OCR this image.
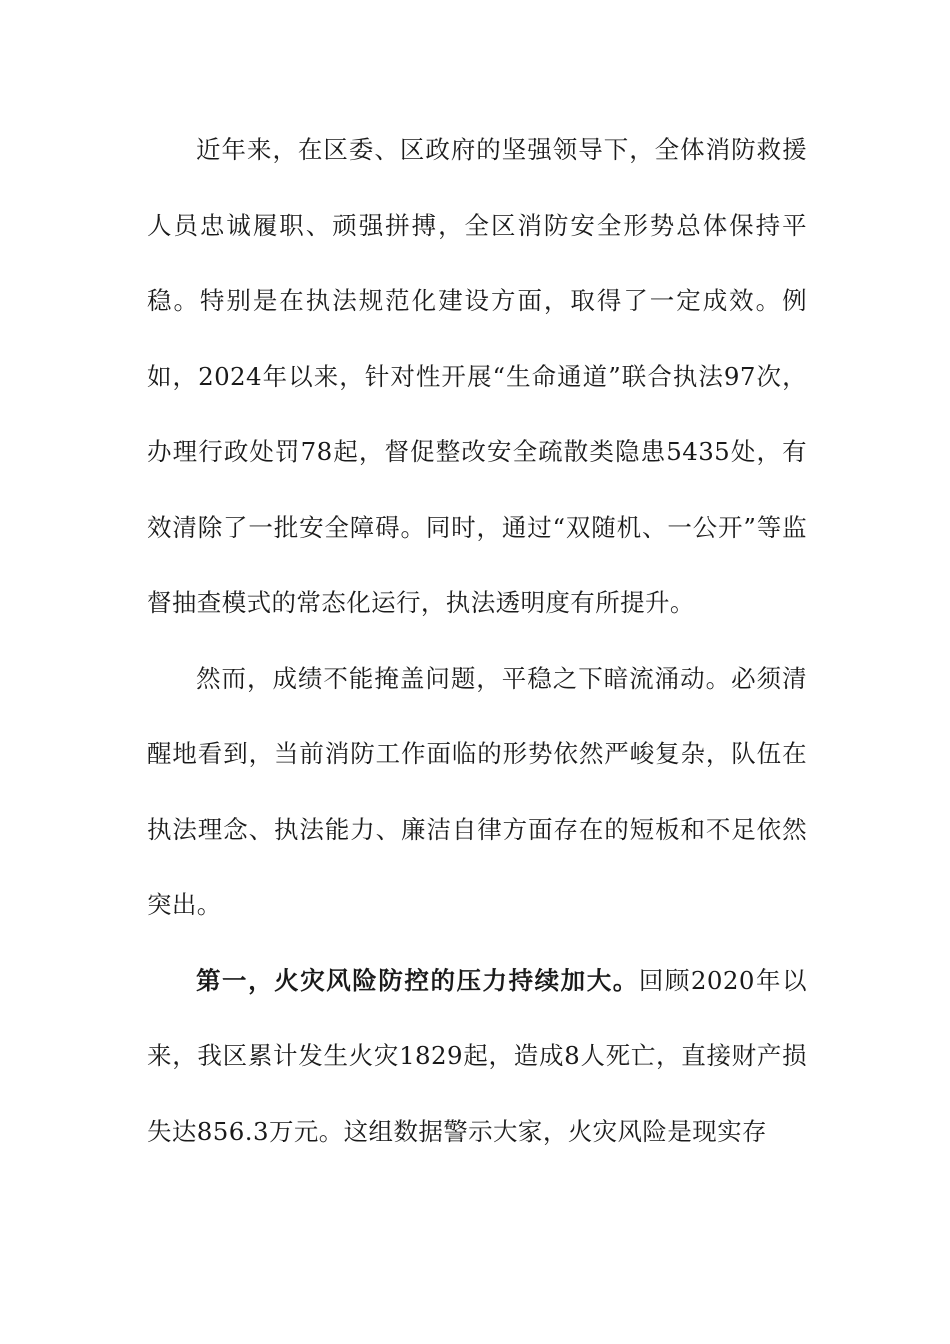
近年来，在区委、区政府的坚强领导下，全体消防救援人员忠诚履职、顽强拼搏，全区消防安全形势总体保持平稳。特别是在执法规范化建设方面，取得了一定成效。例如，2024年以来，针对性开展“生命通道”联合执法97次，办理行政处罚78起，督促整改安全疏散类隐患5435处，有效清除了一批安全障碍。同时，通过“双随机、一公开”等监督抽查模式的常态化运行，执法透明度有所提升。

然而，成绩不能掩盖问题，平稳之下暗流涌动。必须清醒地看到，当前消防工作面临的形势依然严峻复杂，队伍在执法理念、执法能力、廉洁自律方面存在的短板和不足依然突出。

第一，火灾风险防控的压力持续加大。回顾2020年以来，我区累计发生火灾1829起，造成8人死亡，直接财产损失达856.3万元。这组数据警示大家，火灾风险是现实存
